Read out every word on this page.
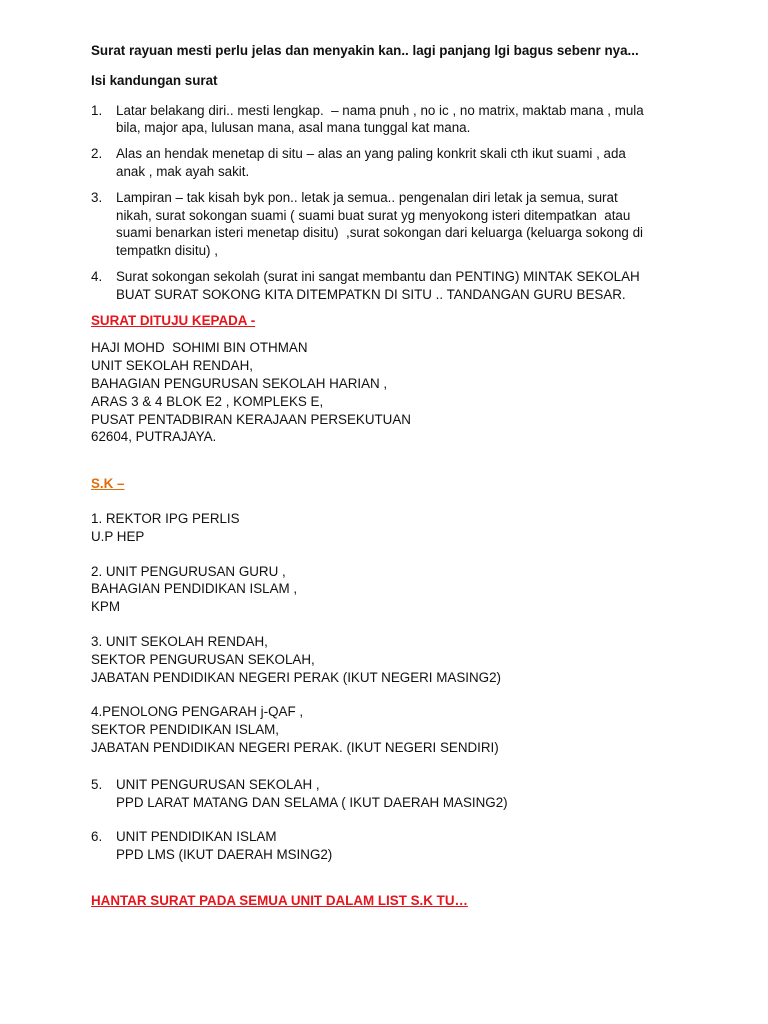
Surat rayuan mesti perlu jelas dan menyakin kan.. lagi panjang lgi bagus sebenr nya...

Isi kandungan surat

1.	Latar belakang diri.. mesti lengkap.  – nama pnuh , no ic , no matrix, maktab mana , mula
bila, major apa, lulusan mana, asal mana tunggal kat mana.
2.	Alas an hendak menetap di situ – alas an yang paling konkrit skali cth ikut suami , ada
anak , mak ayah sakit.
3.	Lampiran – tak kisah byk pon.. letak ja semua.. pengenalan diri letak ja semua, surat
nikah, surat sokongan suami ( suami buat surat yg menyokong isteri ditempatkan  atau
suami benarkan isteri menetap disitu)  ,surat sokongan dari keluarga (keluarga sokong di
tempatkn disitu) ,
4.	Surat sokongan sekolah (surat ini sangat membantu dan PENTING) MINTAK SEKOLAH
BUAT SURAT SOKONG KITA DITEMPATKN DI SITU .. TANDANGAN GURU BESAR.

SURAT DITUJU KEPADA -

HAJI MOHD  SOHIMI BIN OTHMAN
UNIT SEKOLAH RENDAH,
BAHAGIAN PENGURUSAN SEKOLAH HARIAN ,
ARAS 3 & 4 BLOK E2 , KOMPLEKS E,
PUSAT PENTADBIRAN KERAJAAN PERSEKUTUAN
62604, PUTRAJAYA.

S.K –

1. REKTOR IPG PERLIS
U.P HEP
2. UNIT PENGURUSAN GURU ,
BAHAGIAN PENDIDIKAN ISLAM ,
KPM
3. UNIT SEKOLAH RENDAH,
SEKTOR PENGURUSAN SEKOLAH,
JABATAN PENDIDIKAN NEGERI PERAK (IKUT NEGERI MASING2)
4.PENOLONG PENGARAH j-QAF ,
SEKTOR PENDIDIKAN ISLAM,
JABATAN PENDIDIKAN NEGERI PERAK. (IKUT NEGERI SENDIRI)
5.	UNIT PENGURUSAN SEKOLAH ,
PPD LARAT MATANG DAN SELAMA ( IKUT DAERAH MASING2)
6.	UNIT PENDIDIKAN ISLAM
PPD LMS (IKUT DAERAH MSING2)

HANTAR SURAT PADA SEMUA UNIT DALAM LIST S.K TU…
